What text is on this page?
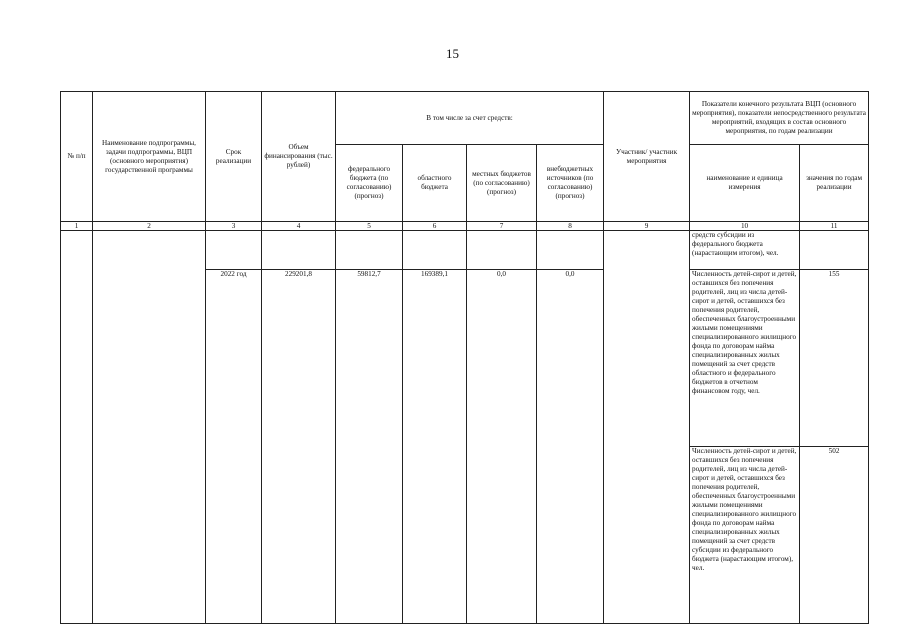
15
№ п/п	Наименование подпрограммы, задачи подпрограммы, ВЦП (основного мероприятия) государственной программы	Срок реализации	Объем финансирования (тыс. рублей)	В том числе за счет средств:				Участник/ участник мероприятия	Показатели конечного результата ВЦП (основного мероприятия), показатели непосредственного результата мероприятий, входящих в состав основного мероприятия, по годам реализации	
				федерального бюджета (по согласованию) (прогноз)	областного бюджета	местных бюджетов (по согласованию) (прогноз)	внебюджетных источников (по согласованию) (прогноз)		наименование и единица измерения	значения по годам реализации
1	2	3	4	5	6	7	8	9	10	11
									средств субсидии из федерального бюджета (нарастающим итогом), чел.	
		2022 год	229201,8	59812,7	169389,1	0,0	0,0		Численность детей-сирот и детей, оставшихся без попечения родителей, лиц из числа детей-сирот и детей, оставшихся без попечения родителей, обеспеченных благоустроенными жилыми помещениями специализированного жилищного фонда по договорам найма специализированных жилых помещений за счет средств областного и федерального бюджетов в отчетном финансовом году, чел.	155
									Численность детей-сирот и детей, оставшихся без попечения родителей, лиц из числа детей-сирот и детей, оставшихся без попечения родителей, обеспеченных благоустроенными жилыми помещениями специализированного жилищного фонда по договорам найма специализированных жилых помещений за счет средств субсидии из федерального бюджета (нарастающим итогом), чел.	502
